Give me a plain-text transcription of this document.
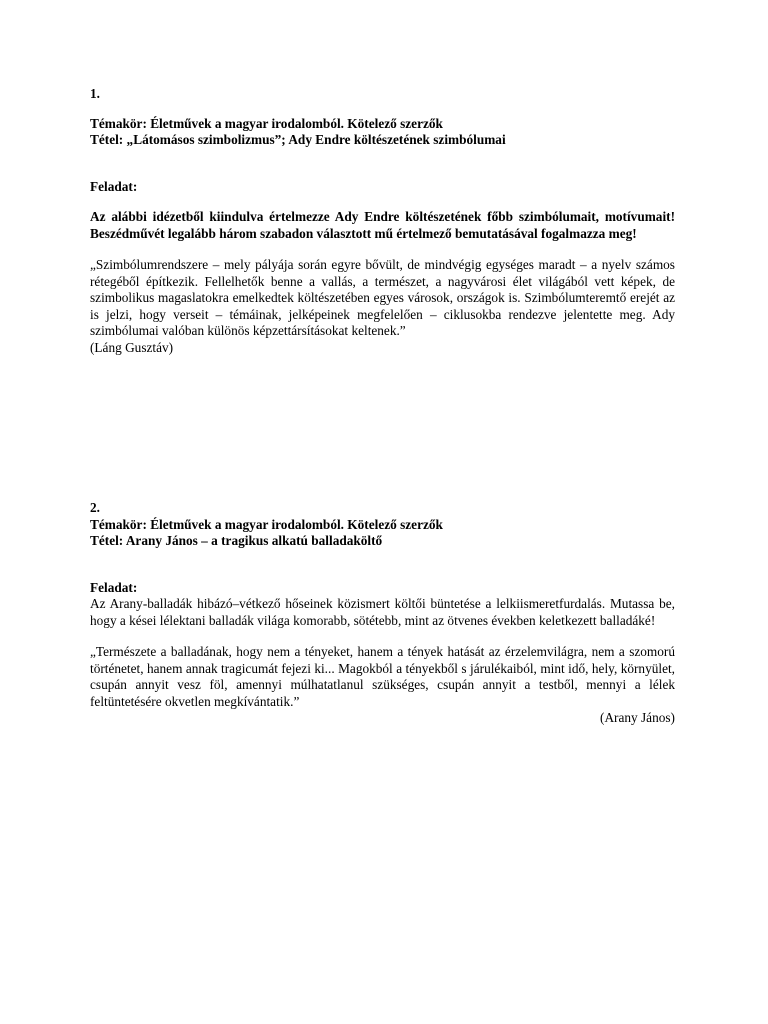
1.

Témakör: Életművek a magyar irodalomból. Kötelező szerzők

Tétel: „Látomásos szimbolizmus”; Ady Endre költészetének szimbólumai

Feladat:

Az alábbi idézetből kiindulva értelmezze Ady Endre költészetének főbb szimbólumait, motívumait! Beszédművét legalább három szabadon választott mű értelmező bemutatásával fogalmazza meg!

„Szimbólumrendszere – mely pályája során egyre bővült, de mindvégig egységes maradt – a nyelv számos rétegéből építkezik. Fellelhetők benne a vallás, a természet, a nagyvárosi élet világából vett képek, de szimbolikus magaslatokra emelkedtek költészetében egyes városok, országok is. Szimbólumteremtő erejét az is jelzi, hogy verseit – témáinak, jelképeinek megfelelően – ciklusokba rendezve jelentette meg. Ady szimbólumai valóban különös képzettársításokat keltenek.”

(Láng Gusztáv)

2.

Témakör: Életművek a magyar irodalomból. Kötelező szerzők

Tétel: Arany János – a tragikus alkatú balladaköltő

Feladat:

Az Arany-balladák hibázó–vétkező hőseinek közismert költői büntetése a lelkiismeretfurdalás. Mutassa be, hogy a kései lélektani balladák világa komorabb, sötétebb, mint az ötvenes években keletkezett balladáké!

„Természete a balladának, hogy nem a tényeket, hanem a tények hatását az érzelemvilágra, nem a szomorú történetet, hanem annak tragicumát fejezi ki... Magokból a tényekből s járulékaiból, mint idő, hely, környület, csupán annyit vesz föl, amennyi múlhatatlanul szükséges, csupán annyit a testből, mennyi a lélek feltüntetésére okvetlen megkívántatik.”

(Arany János)
